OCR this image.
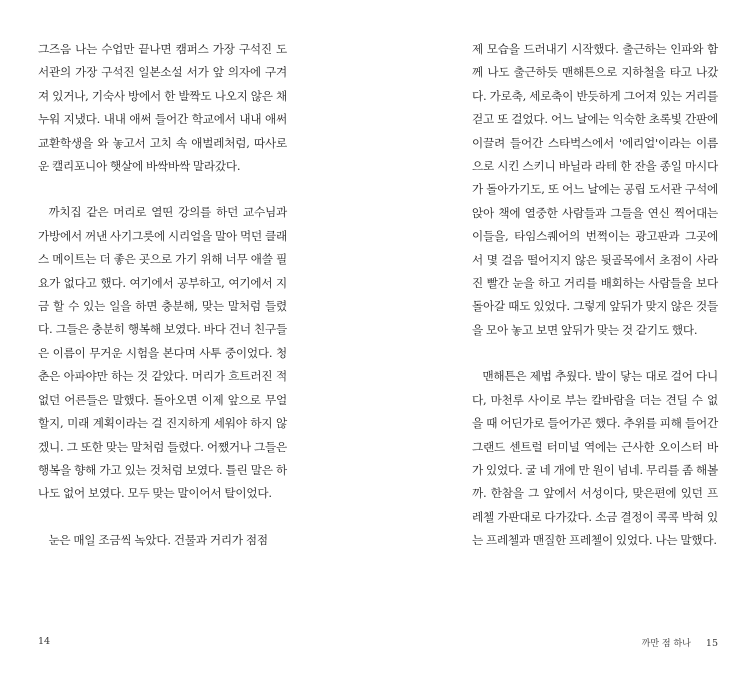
그즈음 나는 수업만 끝나면 캠퍼스 가장 구석진 도서관의 가장 구석진 일본소설 서가 앞 의자에 구겨져 있거나, 기숙사 방에서 한 발짝도 나오지 않은 채 누워 지냈다. 내내 애써 들어간 학교에서 내내 애써 교환학생을 와 놓고서 고치 속 애벌레처럼, 따사로운 캘리포니아 햇살에 바싹바싹 말라갔다.

까치집 같은 머리로 열띤 강의를 하던 교수님과 가방에서 꺼낸 사기그릇에 시리얼을 말아 먹던 클래스 메이트는 더 좋은 곳으로 가기 위해 너무 애쓸 필요가 없다고 했다. 여기에서 공부하고, 여기에서 지금 할 수 있는 일을 하면 충분해, 맞는 말처럼 들렸다. 그들은 충분히 행복해 보였다. 바다 건너 친구들은 이름이 무거운 시험을 본다며 사투 중이었다. 청춘은 아파야만 하는 것 같았다. 머리가 흐트러진 적 없던 어른들은 말했다. 돌아오면 이제 앞으로 무얼 할지, 미래 계획이라는 걸 진지하게 세워야 하지 않겠니. 그 또한 맞는 말처럼 들렸다. 어쨌거나 그들은 행복을 향해 가고 있는 것처럼 보였다. 틀린 말은 하나도 없어 보였다. 모두 맞는 말이어서 탈이었다.

눈은 매일 조금씩 녹았다. 건물과 거리가 점점

14

제 모습을 드러내기 시작했다. 출근하는 인파와 함께 나도 출근하듯 맨해튼으로 지하철을 타고 나갔다. 가로축, 세로축이 반듯하게 그어져 있는 거리를 걷고 또 걸었다. 어느 날에는 익숙한 초록빛 간판에 이끌려 들어간 스타벅스에서 '에리얼'이라는 이름으로 시킨 스키니 바닐라 라테 한 잔을 종일 마시다가 돌아가기도, 또 어느 날에는 공립 도서관 구석에 앉아 책에 열중한 사람들과 그들을 연신 찍어대는 이들을, 타임스퀘어의 번쩍이는 광고판과 그곳에서 몇 걸음 떨어지지 않은 뒷골목에서 초점이 사라진 빨간 눈을 하고 거리를 배회하는 사람들을 보다 돌아갈 때도 있었다. 그렇게 앞뒤가 맞지 않은 것들을 모아 놓고 보면 앞뒤가 맞는 것 같기도 했다.

맨해튼은 제법 추웠다. 발이 닿는 대로 걸어 다니다, 마천루 사이로 부는 칼바람을 더는 견딜 수 없을 때 어딘가로 들어가곤 했다. 추위를 피해 들어간 그랜드 센트럴 터미널 역에는 근사한 오이스터 바가 있었다. 굴 네 개에 만 원이 넘네. 무리를 좀 해볼까. 한참을 그 앞에서 서성이다, 맞은편에 있던 프레첼 가판대로 다가갔다. 소금 결정이 콕콕 박혀 있는 프레첼과 맨질한 프레첼이 있었다. 나는 말했다.

까만 점 하나 15
